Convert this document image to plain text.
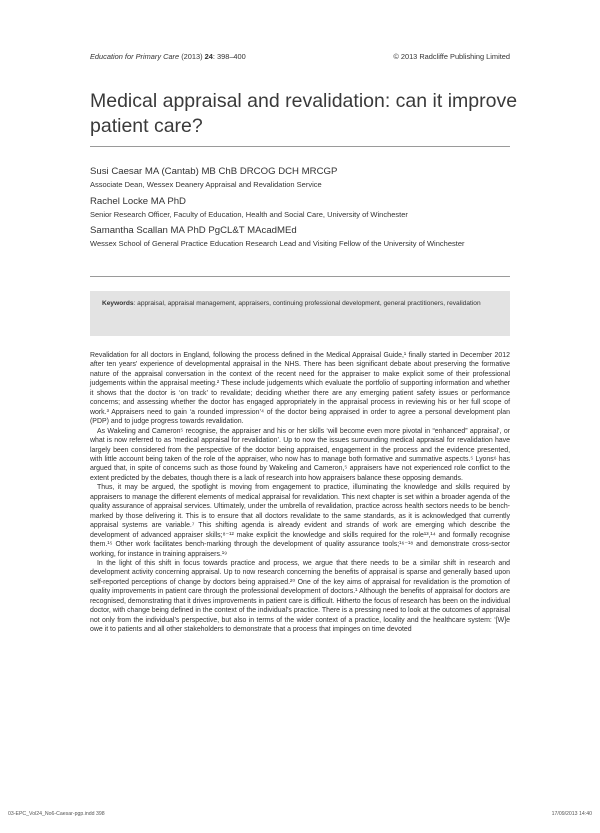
Education for Primary Care (2013) 24: 398–400	© 2013 Radcliffe Publishing Limited
Medical appraisal and revalidation: can it improve patient care?
Susi Caesar MA (Cantab) MB ChB DRCOG DCH MRCGP
Associate Dean, Wessex Deanery Appraisal and Revalidation Service
Rachel Locke MA PhD
Senior Research Officer, Faculty of Education, Health and Social Care, University of Winchester
Samantha Scallan MA PhD PgCL&T MAcadMEd
Wessex School of General Practice Education Research Lead and Visiting Fellow of the University of Winchester
Keywords: appraisal, appraisal management, appraisers, continuing professional development, general practitioners, revalidation

Revalidation for all doctors in England, following the process defined in the Medical Appraisal Guide,¹ finally started in December 2012 after ten years’ experience of developmental appraisal in the NHS. There has been significant debate about preserving the formative nature of the appraisal conversation in the context of the recent need for the appraiser to make explicit some of their professional judgements within the appraisal meeting.² These include judgements which evaluate the portfolio of supporting information and whether it shows that the doctor is ‘on track’ to revalidate; deciding whether there are any emerging patient safety issues or performance concerns; and assessing whether the doctor has engaged appropriately in the appraisal process in reviewing his or her full scope of work.³ Appraisers need to gain ‘a rounded impression’⁴ of the doctor being appraised in order to agree a personal development plan (PDP) and to judge progress towards revalidation.

As Wakeling and Cameron⁵ recognise, the appraiser and his or her skills ‘will become even more pivotal in “enhanced” appraisal’, or what is now referred to as ‘medical appraisal for revalidation’. Up to now the issues surrounding medical appraisal for revalidation have largely been considered from the perspective of the doctor being appraised, engagement in the process and the evidence presented, with little account being taken of the role of the appraiser, who now has to manage both formative and summative aspects.⁵ Lyons⁶ has argued that, in spite of concerns such as those found by Wakeling and Cameron,⁵ appraisers have not experienced role conflict to the extent predicted by the debates, though there is a lack of research into how appraisers balance these opposing demands.

Thus, it may be argued, the spotlight is moving from engagement to practice, illuminating the knowledge and skills required by appraisers to manage the different elements of medical appraisal for revalidation. This next chapter is set within a broader agenda of the quality assurance of appraisal services. Ultimately, under the umbrella of revalidation, practice across health sectors needs to be bench-marked by those delivering it. This is to ensure that all doctors revalidate to the same standards, as it is acknowledged that currently appraisal systems are variable.⁷ This shifting agenda is already evident and strands of work are emerging which describe the development of advanced appraiser skills;⁸⁻¹² make explicit the knowledge and skills required for the role¹³,¹⁴ and formally recognise them.¹⁵ Other work facilitates bench-marking through the development of quality assurance tools;¹⁶⁻¹⁸ and demonstrate cross-sector working, for instance in training appraisers.¹⁹

In the light of this shift in focus towards practice and process, we argue that there needs to be a similar shift in research and development activity concerning appraisal. Up to now research concerning the benefits of appraisal is sparse and generally based upon self-reported perceptions of change by doctors being appraised.²⁰ One of the key aims of appraisal for revalidation is the promotion of quality improvements in patient care through the professional development of doctors.¹ Although the benefits of appraisal for doctors are recognised, demonstrating that it drives improvements in patient care is difficult. Hitherto the focus of research has been on the individual doctor, with change being defined in the context of the individual’s practice. There is a pressing need to look at the outcomes of appraisal not only from the individual’s perspective, but also in terms of the wider context of a practice, locality and the healthcare system: ‘[W]e owe it to patients and all other stakeholders to demonstrate that a process that impinges on time devoted

03-EPC_Vol24_No6-Caesar-pgp.indd 398	17/09/2013 14:40
